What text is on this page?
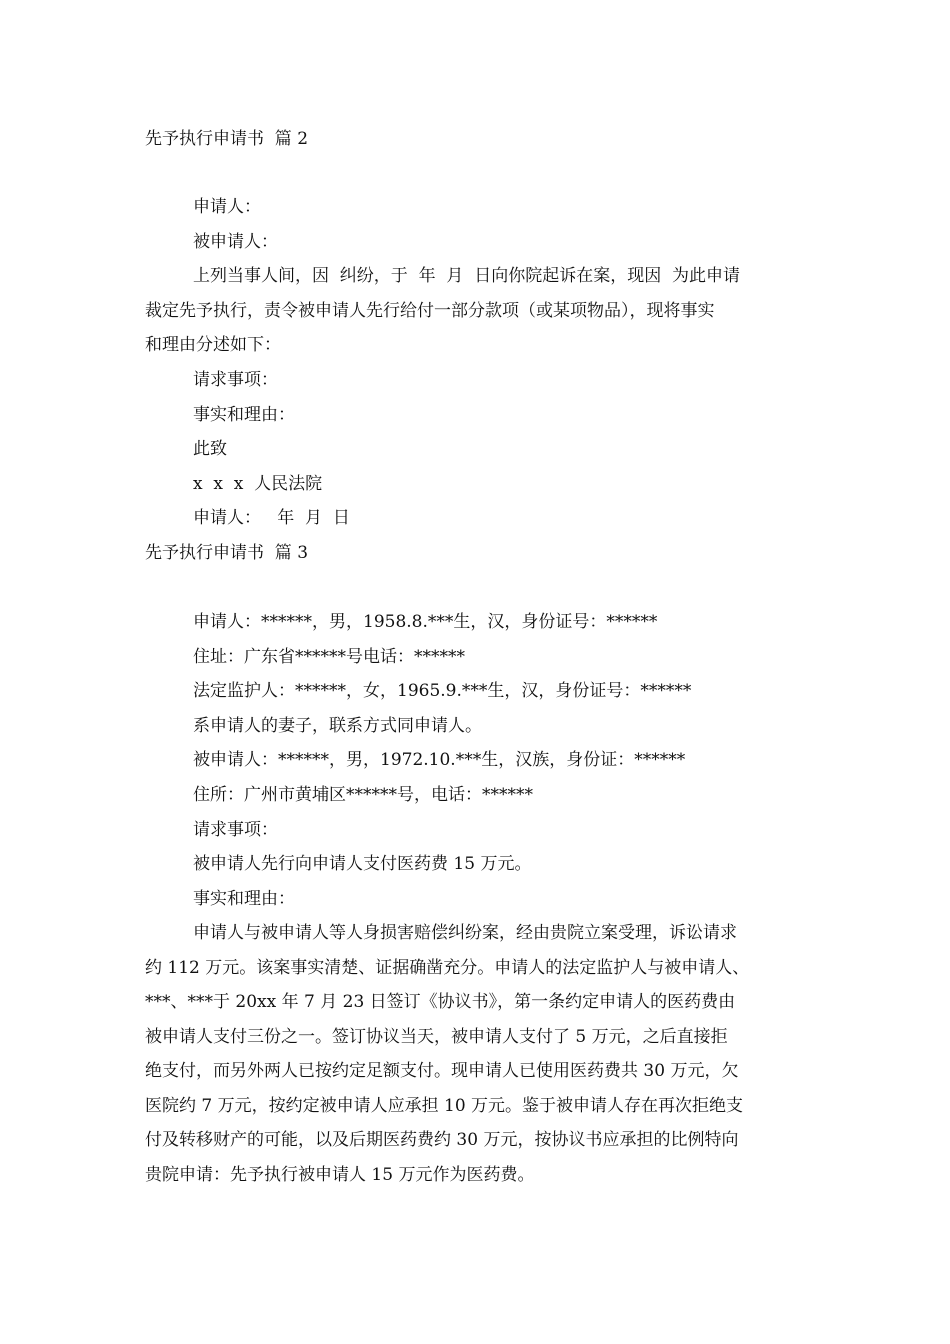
先予执行申请书  篇 2
申请人：
被申请人：
上列当事人间，因  纠纷，于  年  月  日向你院起诉在案，现因  为此申请
裁定先予执行，责令被申请人先行给付一部分款项（或某项物品），现将事实
和理由分述如下：
请求事项：
事实和理由：
此致
x  x  x  人民法院
申请人：   年  月  日
先予执行申请书  篇 3
申请人：******，男，1958.8.***生，汉，身份证号：******
住址：广东省******号电话：******
法定监护人：******，女，1965.9.***生，汉，身份证号：******
系申请人的妻子，联系方式同申请人。
被申请人：******，男，1972.10.***生，汉族，身份证：******
住所：广州市黄埔区******号，电话：******
请求事项：
被申请人先行向申请人支付医药费 15 万元。
事实和理由：
申请人与被申请人等人身损害赔偿纠纷案，经由贵院立案受理，诉讼请求
约 112 万元。该案事实清楚、证据确凿充分。申请人的法定监护人与被申请人、
***、***于 20xx 年 7 月 23 日签订《协议书》，第一条约定申请人的医药费由
被申请人支付三份之一。签订协议当天，被申请人支付了 5 万元，之后直接拒
绝支付，而另外两人已按约定足额支付。现申请人已使用医药费共 30 万元，欠
医院约 7 万元，按约定被申请人应承担 10 万元。鉴于被申请人存在再次拒绝支
付及转移财产的可能，以及后期医药费约 30 万元，按协议书应承担的比例特向
贵院申请：先予执行被申请人 15 万元作为医药费。
